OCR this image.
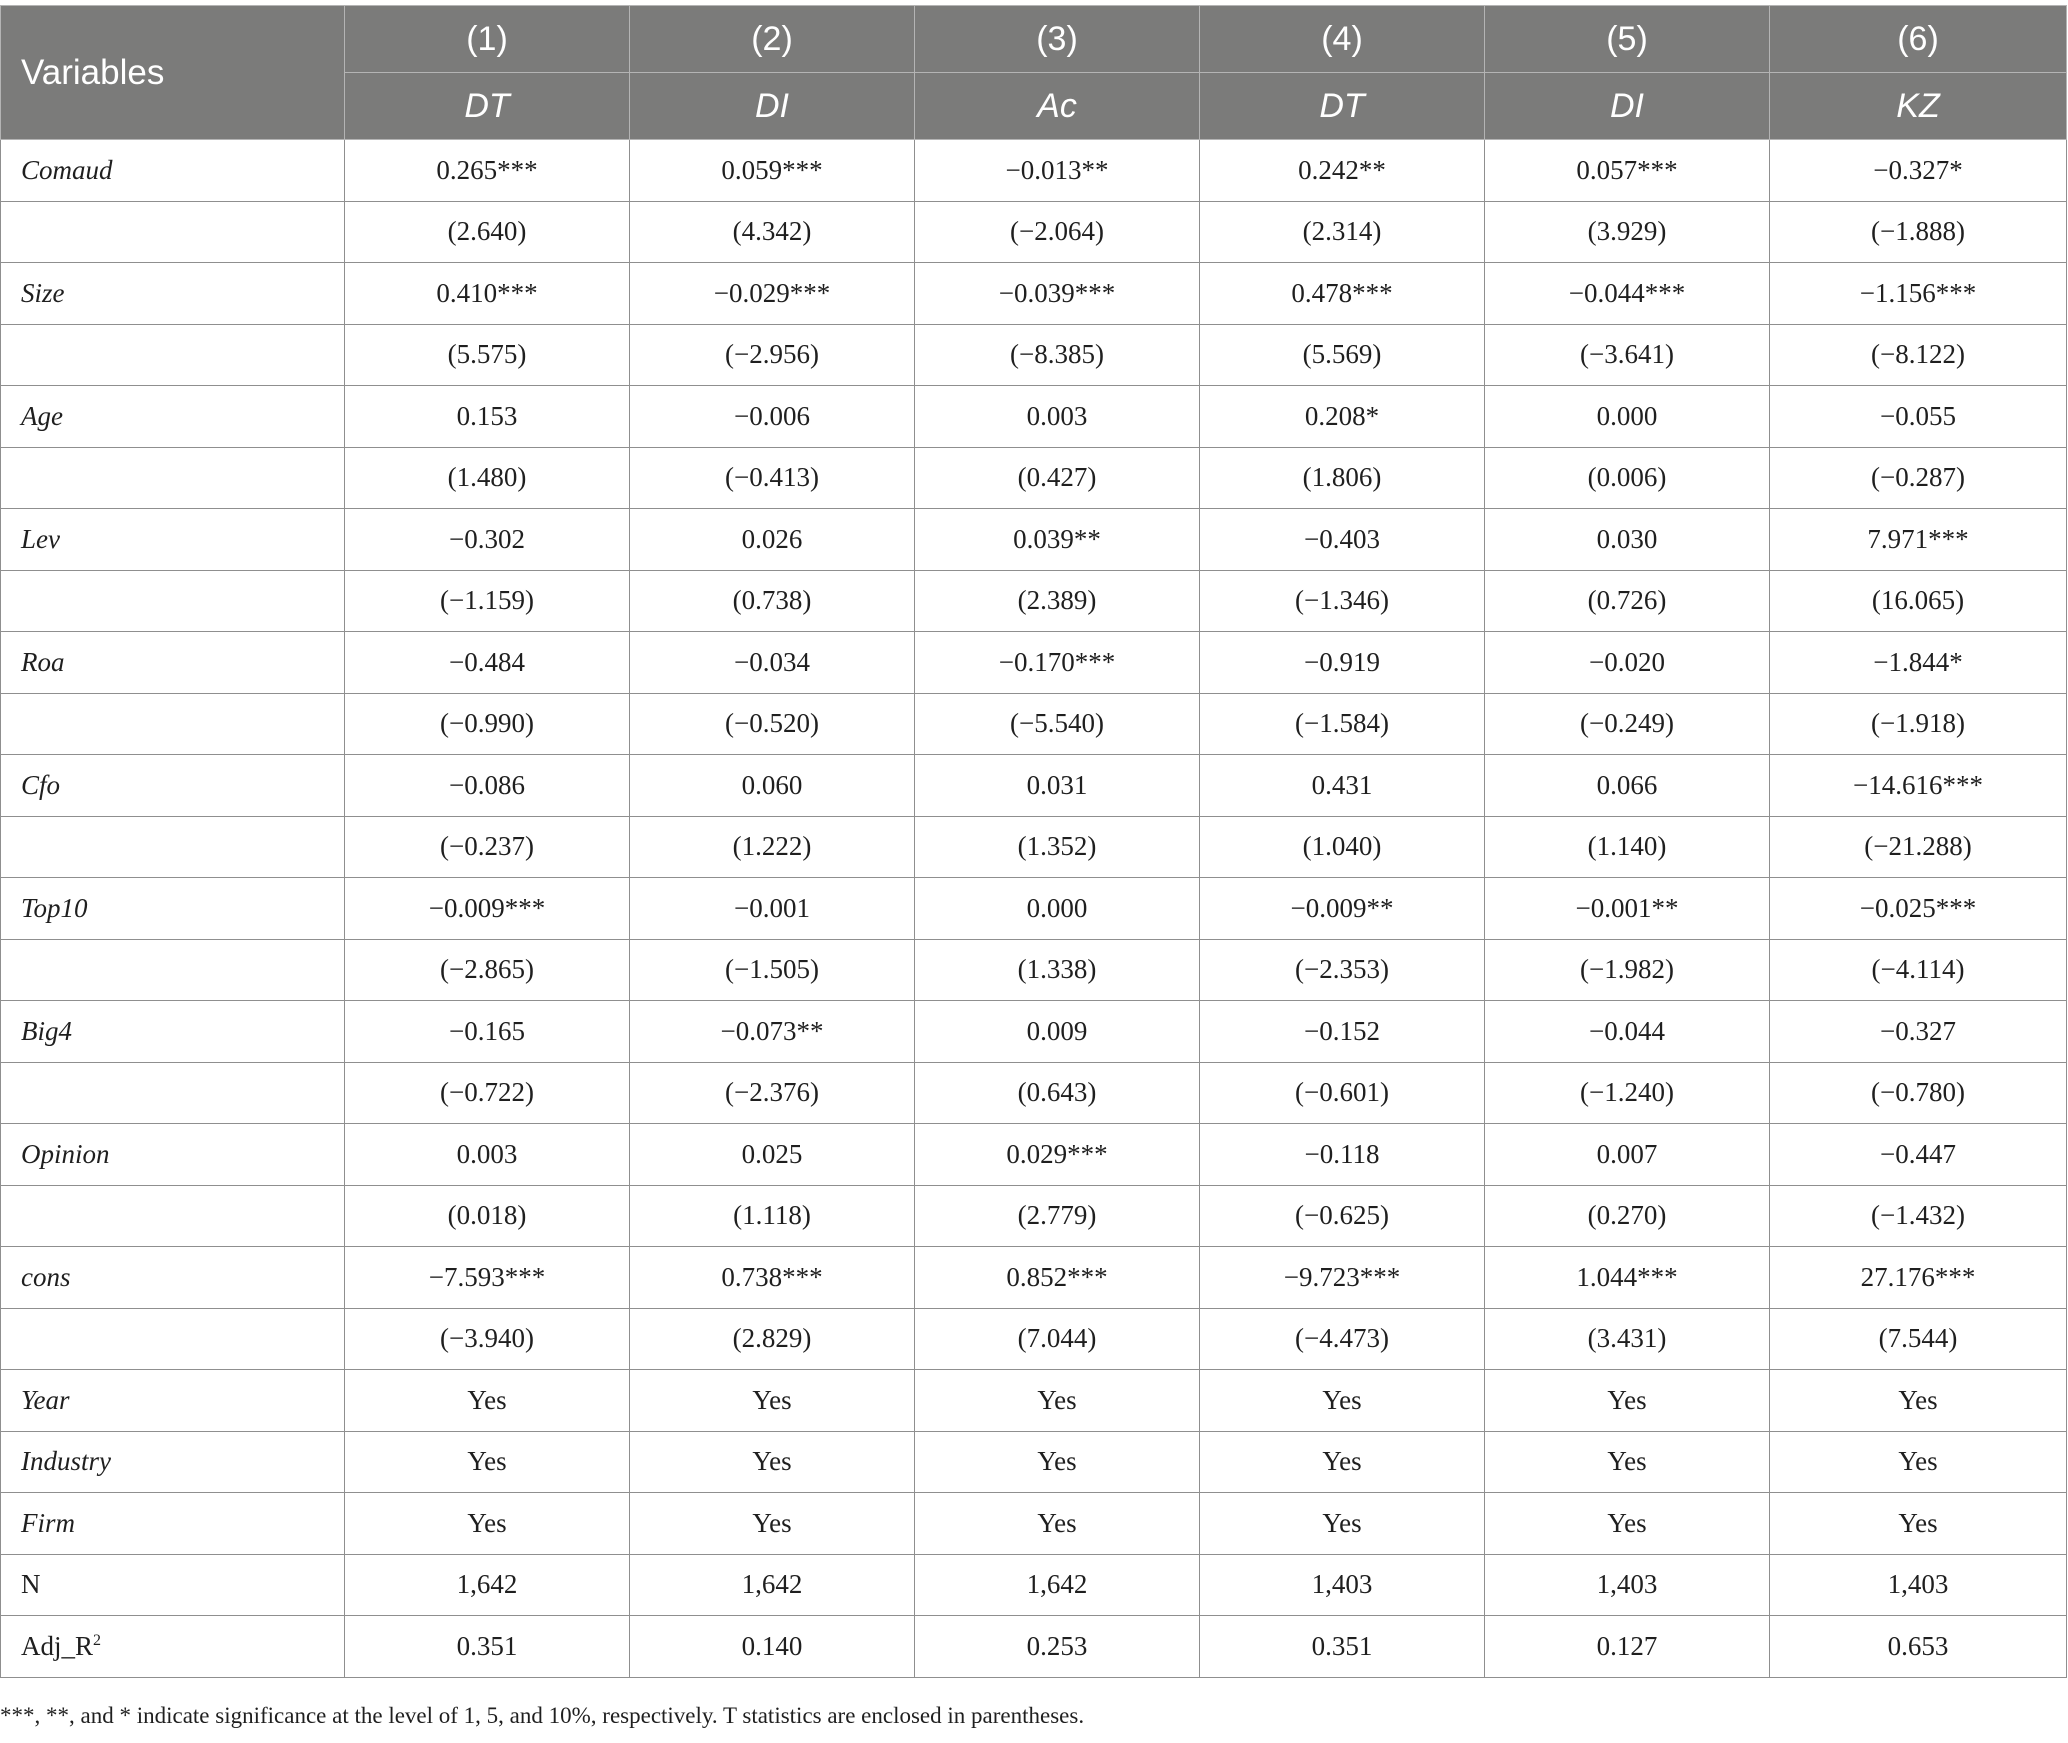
Variables	(1)	(2)	(3)	(4)	(5)	(6)
	DT	DI	Ac	DT	DI	KZ
Comaud	0.265***	0.059***	−0.013**	0.242**	0.057***	−0.327*
	(2.640)	(4.342)	(−2.064)	(2.314)	(3.929)	(−1.888)
Size	0.410***	−0.029***	−0.039***	0.478***	−0.044***	−1.156***
	(5.575)	(−2.956)	(−8.385)	(5.569)	(−3.641)	(−8.122)
Age	0.153	−0.006	0.003	0.208*	0.000	−0.055
	(1.480)	(−0.413)	(0.427)	(1.806)	(0.006)	(−0.287)
Lev	−0.302	0.026	0.039**	−0.403	0.030	7.971***
	(−1.159)	(0.738)	(2.389)	(−1.346)	(0.726)	(16.065)
Roa	−0.484	−0.034	−0.170***	−0.919	−0.020	−1.844*
	(−0.990)	(−0.520)	(−5.540)	(−1.584)	(−0.249)	(−1.918)
Cfo	−0.086	0.060	0.031	0.431	0.066	−14.616***
	(−0.237)	(1.222)	(1.352)	(1.040)	(1.140)	(−21.288)
Top10	−0.009***	−0.001	0.000	−0.009**	−0.001**	−0.025***
	(−2.865)	(−1.505)	(1.338)	(−2.353)	(−1.982)	(−4.114)
Big4	−0.165	−0.073**	0.009	−0.152	−0.044	−0.327
	(−0.722)	(−2.376)	(0.643)	(−0.601)	(−1.240)	(−0.780)
Opinion	0.003	0.025	0.029***	−0.118	0.007	−0.447
	(0.018)	(1.118)	(2.779)	(−0.625)	(0.270)	(−1.432)
cons	−7.593***	0.738***	0.852***	−9.723***	1.044***	27.176***
	(−3.940)	(2.829)	(7.044)	(−4.473)	(3.431)	(7.544)
Year	Yes	Yes	Yes	Yes	Yes	Yes
Industry	Yes	Yes	Yes	Yes	Yes	Yes
Firm	Yes	Yes	Yes	Yes	Yes	Yes
N	1,642	1,642	1,642	1,403	1,403	1,403
$Adj\_R^2$	0.351	0.140	0.253	0.351	0.127	0.653

***, **, and * indicate significance at the level of 1, 5, and 10%, respectively. T statistics are enclosed in parentheses.
